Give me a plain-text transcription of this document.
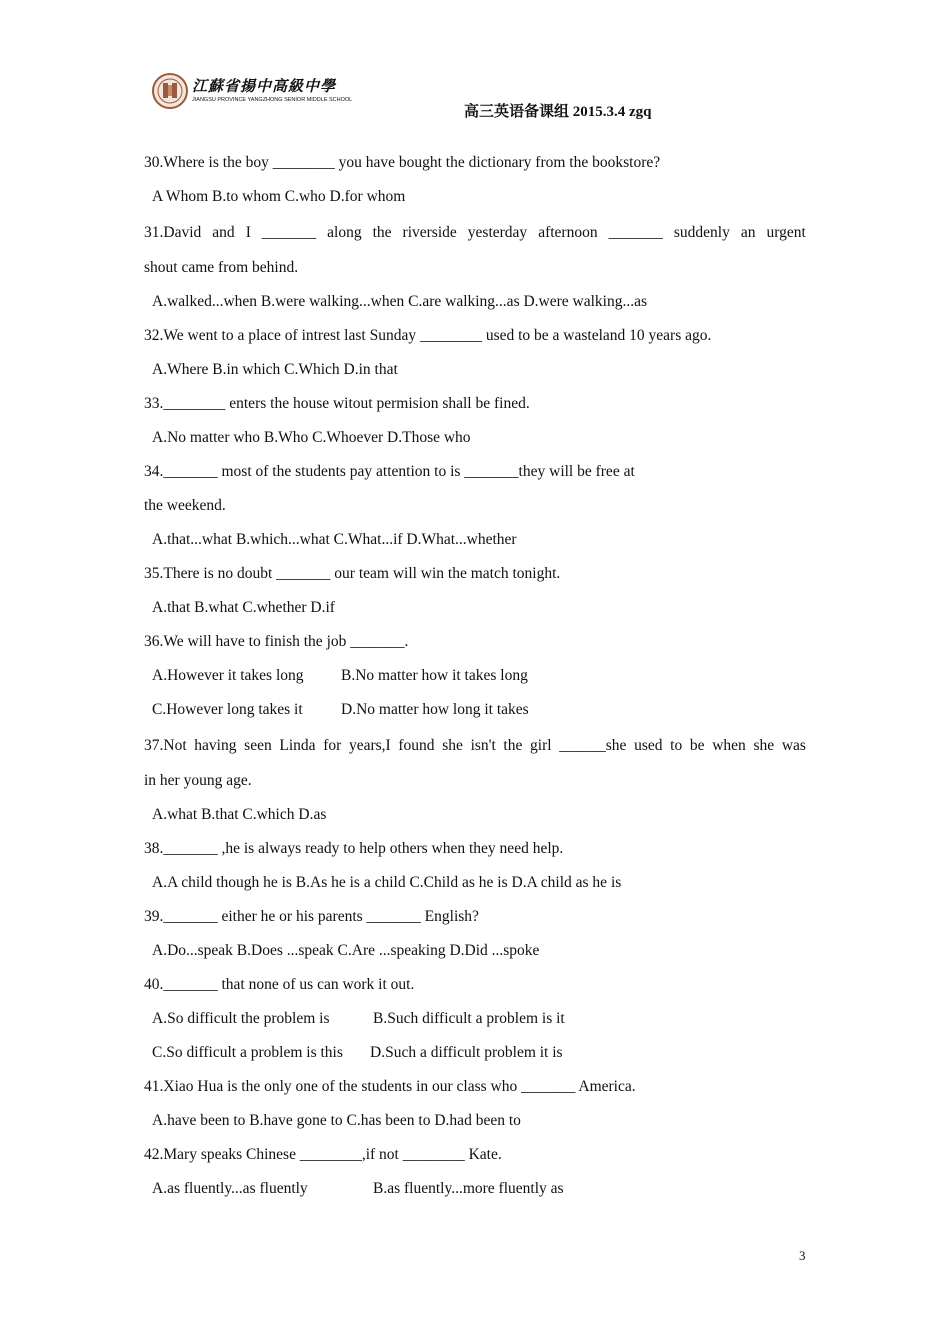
江蘇省揚中高級中學
JIANGSU PROVINCE YANGZHONG SENIOR MIDDLE SCHOOL
高三英语备课组 2015.3.4 zgq
30.Where is the boy ________ you have bought the dictionary from the bookstore?
A Whom B.to whom C.who D.for whom
31.David and I _______ along the riverside yesterday afternoon _______ suddenly an urgent
shout came from behind.
A.walked...when B.were walking...when C.are walking...as D.were walking...as
32.We went to a place of intrest last Sunday ________ used to be a wasteland 10 years ago.
A.Where B.in which C.Which D.in that
33.________ enters the house witout permision shall be fined.
A.No matter who B.Who C.Whoever D.Those who
34._______ most of the students pay attention to is _______they will be free at
the weekend.
A.that...what B.which...what C.What...if D.What...whether
35.There is no doubt _______ our team will win the match tonight.
A.that B.what C.whether D.if
36.We will have to finish the job _______.
A.However it takes long B.No matter how it takes long
C.However long takes it D.No matter how long it takes
37.Not having seen Linda for years,I found she isn't the girl ______she used to be when she was
in her young age.
A.what B.that C.which D.as
38._______ ,he is always ready to help others when they need help.
A.A child though he is B.As he is a child C.Child as he is D.A child as he is
39._______ either he or his parents _______ English?
A.Do...speak B.Does ...speak C.Are ...speaking D.Did ...spoke
40._______ that none of us can work it out.
A.So difficult the problem is	B.Such difficult a problem is it
C.So difficult a problem is this D.Such a difficult problem it is
41.Xiao Hua is the only one of the students in our class who _______ America.
A.have been to B.have gone to C.has been to D.had been to
42.Mary speaks Chinese ________,if not ________ Kate.
A.as fluently...as fluently	B.as fluently...more fluently as
3
